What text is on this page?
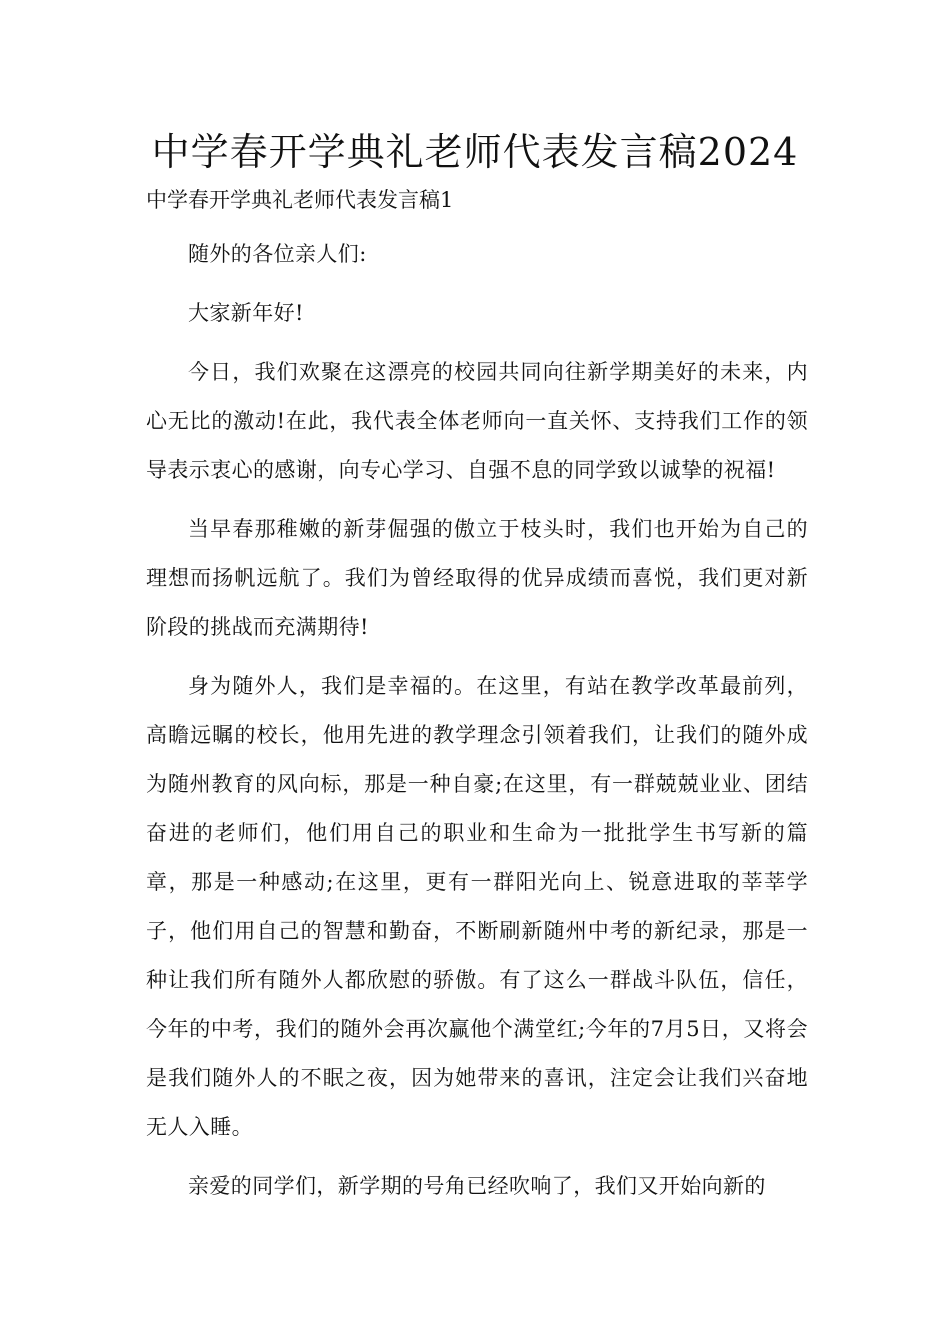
中学春开学典礼老师代表发言稿2024

中学春开学典礼老师代表发言稿1

随外的各位亲人们:

大家新年好!

今日，我们欢聚在这漂亮的校园共同向往新学期美好的未来，内心无比的激动!在此，我代表全体老师向一直关怀、支持我们工作的领导表示衷心的感谢，向专心学习、自强不息的同学致以诚挚的祝福!

当早春那稚嫩的新芽倔强的傲立于枝头时，我们也开始为自己的理想而扬帆远航了。我们为曾经取得的优异成绩而喜悦，我们更对新阶段的挑战而充满期待!

身为随外人，我们是幸福的。在这里，有站在教学改革最前列，高瞻远瞩的校长，他用先进的教学理念引领着我们，让我们的随外成为随州教育的风向标，那是一种自豪;在这里，有一群兢兢业业、团结奋进的老师们，他们用自己的职业和生命为一批批学生书写新的篇章，那是一种感动;在这里，更有一群阳光向上、锐意进取的莘莘学子，他们用自己的智慧和勤奋，不断刷新随州中考的新纪录，那是一种让我们所有随外人都欣慰的骄傲。有了这么一群战斗队伍，信任，今年的中考，我们的随外会再次赢他个满堂红;今年的7月5日，又将会是我们随外人的不眠之夜，因为她带来的喜讯，注定会让我们兴奋地无人入睡。

亲爱的同学们，新学期的号角已经吹响了，我们又开始向新的
